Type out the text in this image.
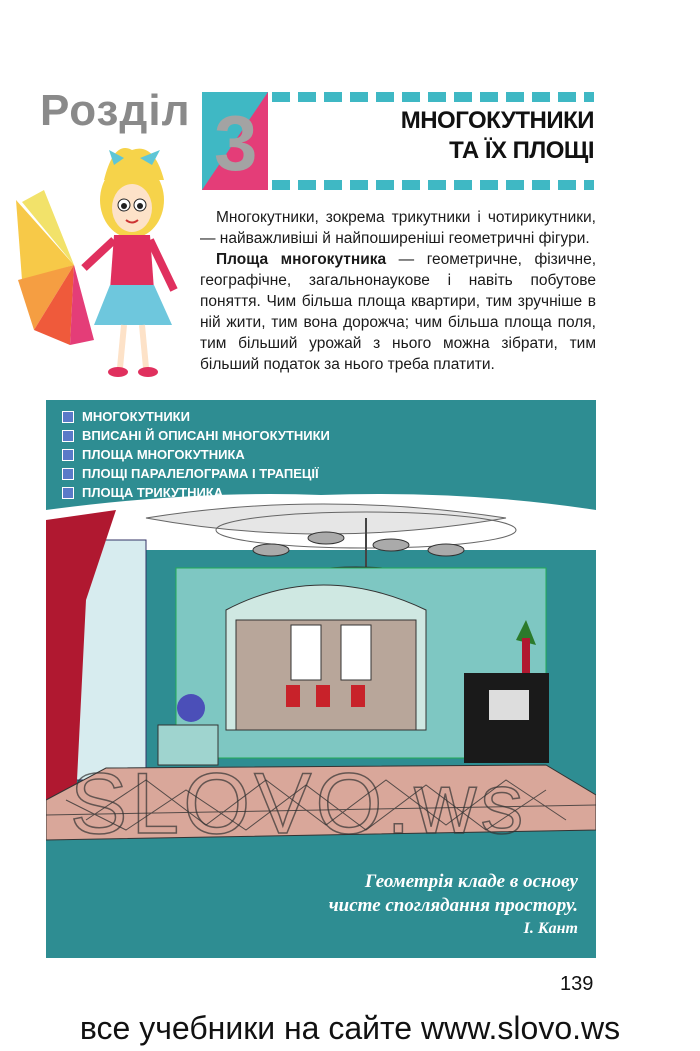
Розділ 3	МНОГОКУТНИКИ
ТА ЇХ ПЛОЩІ

Многокутники, зокрема трикутники і чотирикутники, — найважливіші й найпоширеніші геометричні фігури.

Площа многокутника — геометричне, фізичне, географічне, загальнонаукове і навіть побутове поняття. Чим більша площа квартири, тим зручніше в ній жити, тим вона дорожча; чим більша площа поля, тим більший урожай з нього можна зібрати, тим більший податок за нього треба платити.

МНОГОКУТНИКИ
ВПИСАНІ Й ОПИСАНІ МНОГОКУТНИКИ
ПЛОЩА МНОГОКУТНИКА
ПЛОЩІ ПАРАЛЕЛОГРАМА І ТРАПЕЦІЇ
ПЛОЩА ТРИКУТНИКА
Геометрія кладе в основу
чисте споглядання простору.
І. Кант
SLOVO.ws
139
все учебники на сайте www.slovo.ws
